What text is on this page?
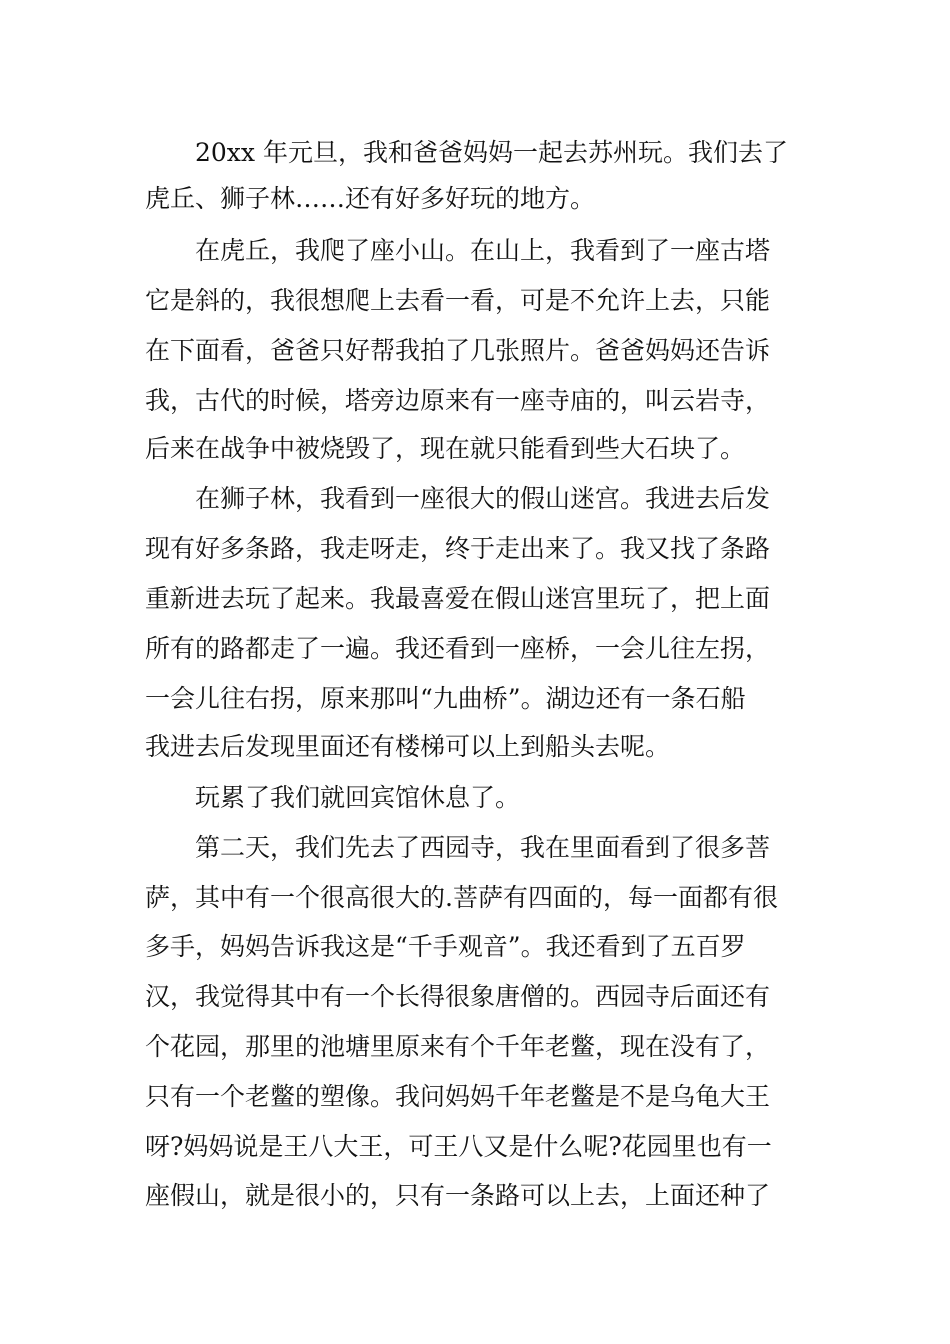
20xx 年元旦，我和爸爸妈妈一起去苏州玩。我们去了
虎丘、狮子林……还有好多好玩的地方。
在虎丘，我爬了座小山。在山上，我看到了一座古塔
它是斜的，我很想爬上去看一看，可是不允许上去，只能
在下面看，爸爸只好帮我拍了几张照片。爸爸妈妈还告诉
我，古代的时候，塔旁边原来有一座寺庙的，叫云岩寺，
后来在战争中被烧毁了，现在就只能看到些大石块了。
在狮子林，我看到一座很大的假山迷宫。我进去后发
现有好多条路，我走呀走，终于走出来了。我又找了条路
重新进去玩了起来。我最喜爱在假山迷宫里玩了，把上面
所有的路都走了一遍。我还看到一座桥，一会儿往左拐，
一会儿往右拐，原来那叫“九曲桥”。湖边还有一条石船
我进去后发现里面还有楼梯可以上到船头去呢。
玩累了我们就回宾馆休息了。
第二天，我们先去了西园寺，我在里面看到了很多菩
萨，其中有一个很高很大的.菩萨有四面的，每一面都有很
多手，妈妈告诉我这是“千手观音”。我还看到了五百罗
汉，我觉得其中有一个长得很象唐僧的。西园寺后面还有
个花园，那里的池塘里原来有个千年老鳖，现在没有了，
只有一个老鳖的塑像。我问妈妈千年老鳖是不是乌龟大王
呀?妈妈说是王八大王，可王八又是什么呢?花园里也有一
座假山，就是很小的，只有一条路可以上去，上面还种了
